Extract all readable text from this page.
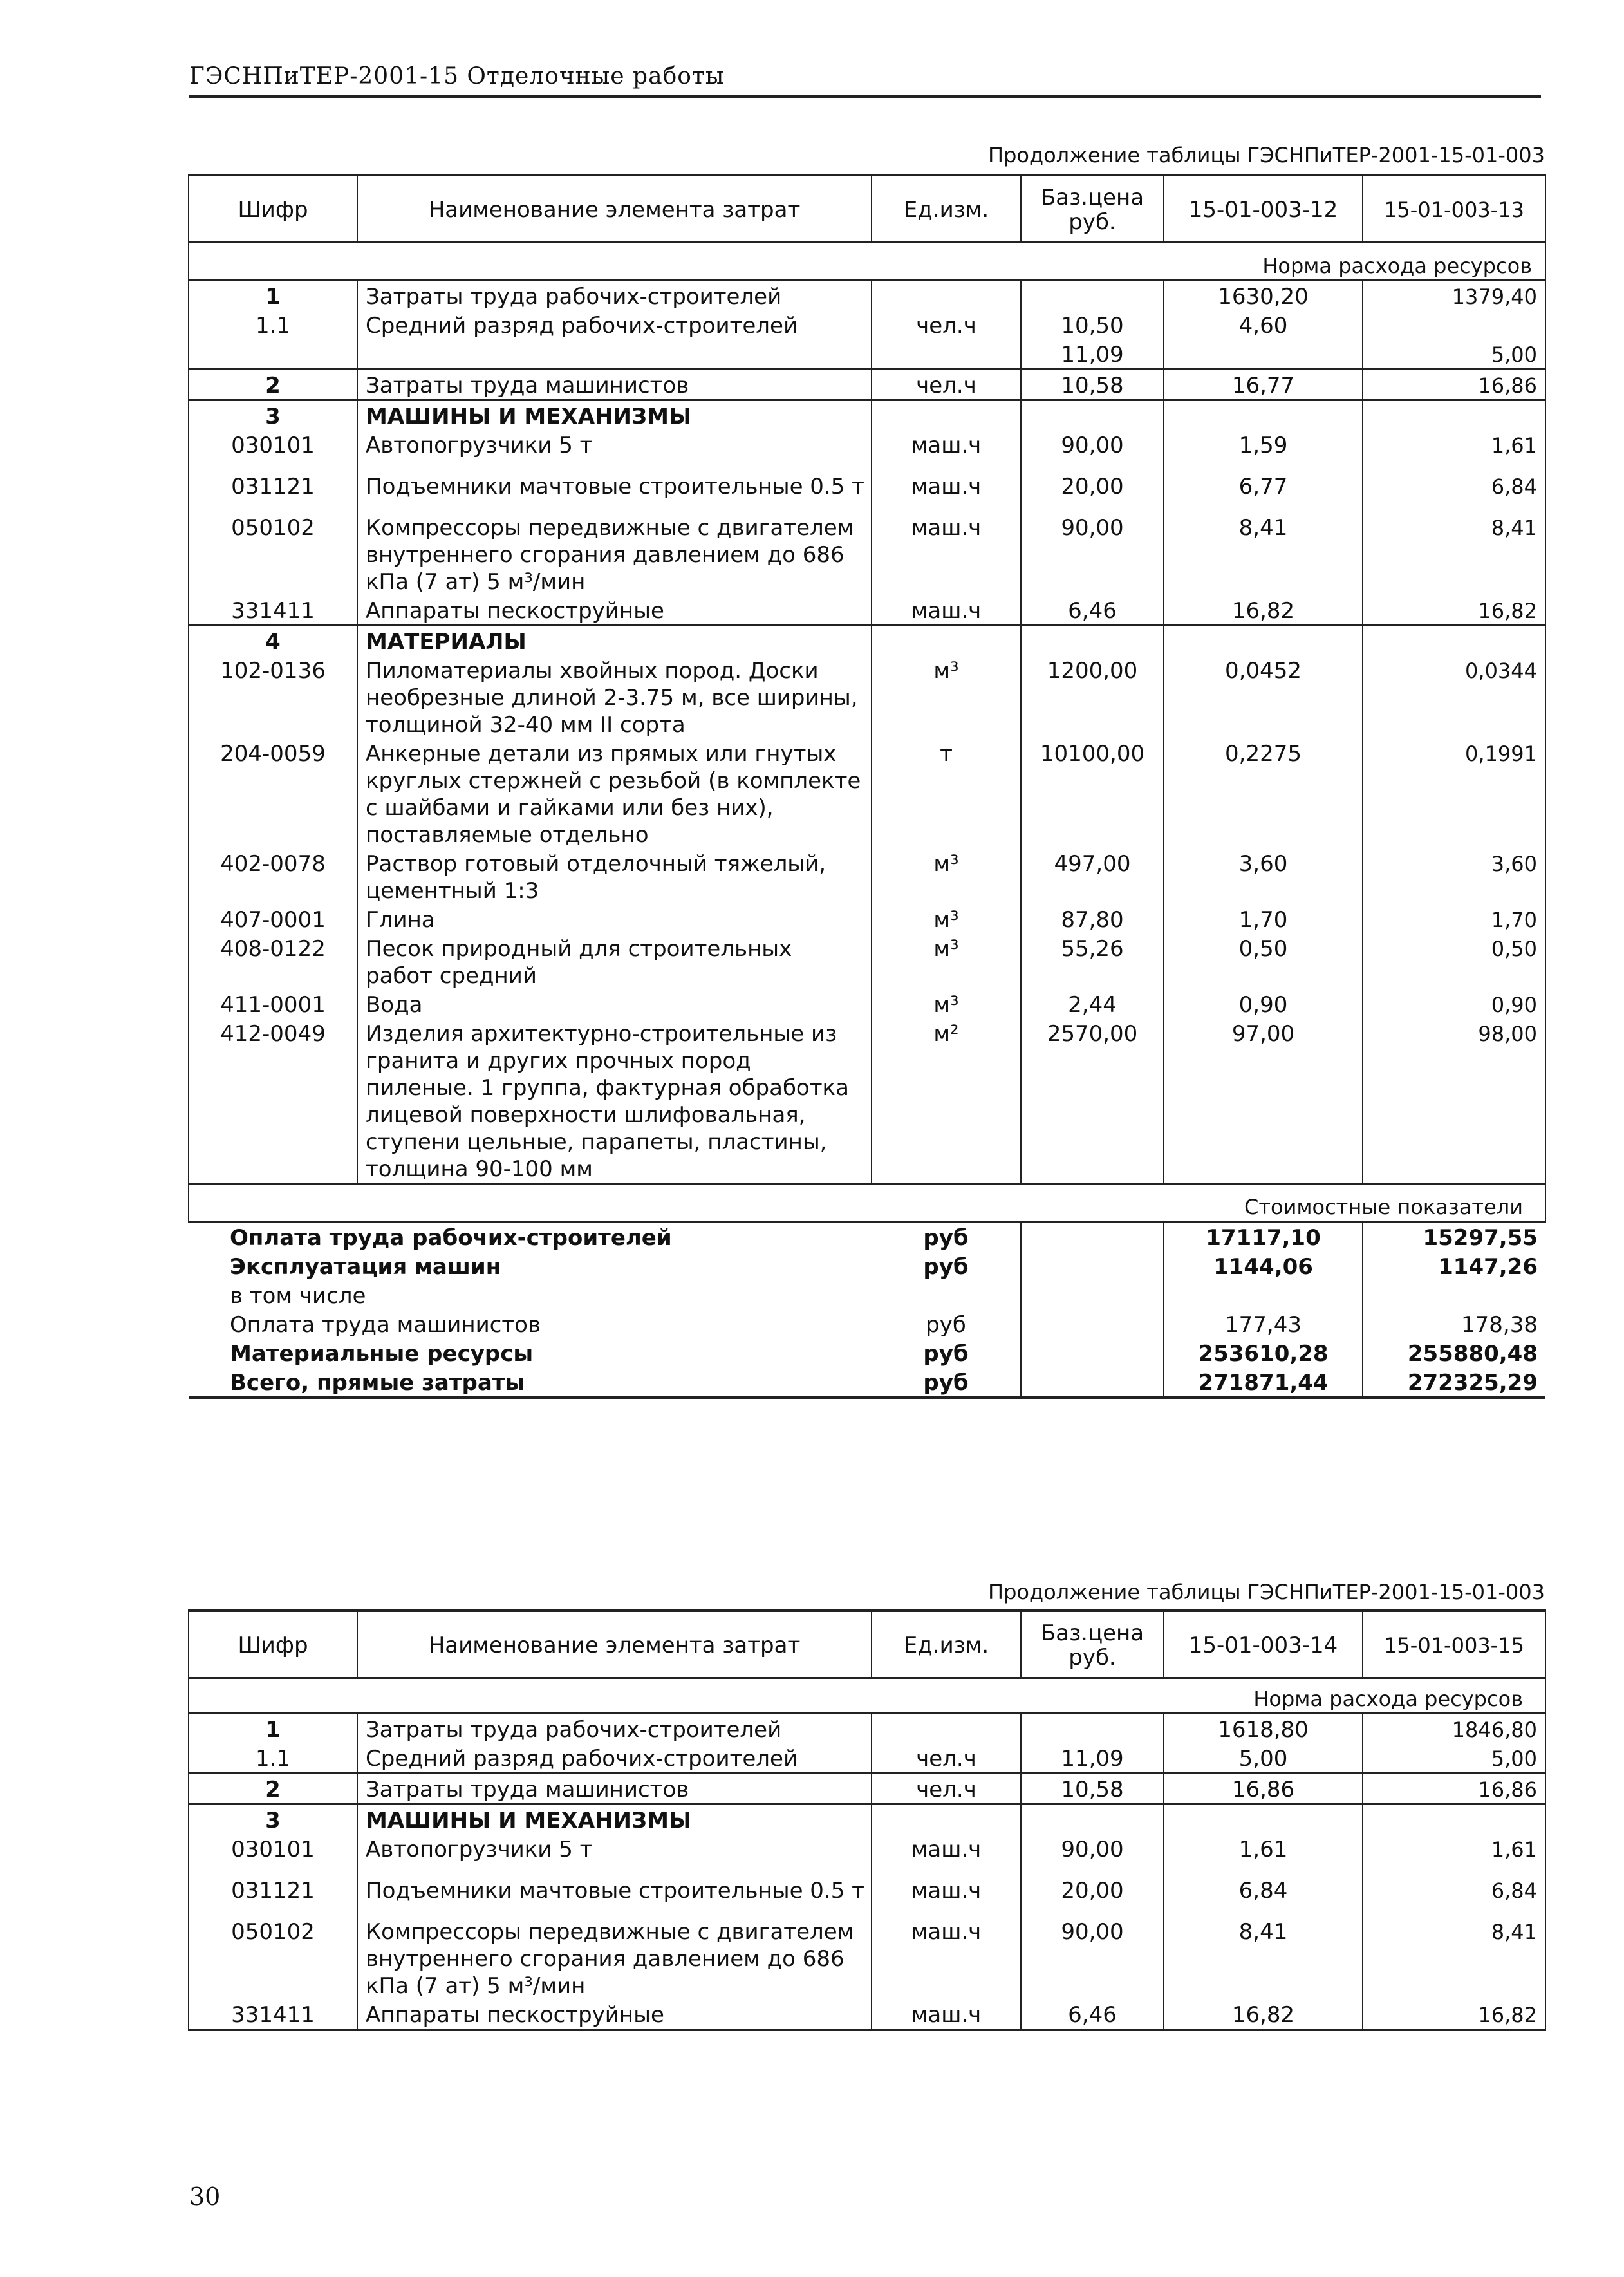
ГЭСНПиТЕР-2001-15 Отделочные работы
Продолжение таблицы ГЭСНПиТЕР-2001-15-01-003
Шифр	Наименование элемента затрат	Ед.изм.	Баз.цена руб.	15-01-003-12	15-01-003-13
Норма расхода ресурсов					
1	Затраты труда рабочих-строителей			1630,20	1379,40
1.1	Средний разряд рабочих-строителей	чел.ч	10,50	4,60	
			11,09		5,00
2	Затраты труда машинистов	чел.ч	10,58	16,77	16,86
3	МАШИНЫ И МЕХАНИЗМЫ				
030101	Автопогрузчики 5 т	маш.ч	90,00	1,59	1,61
031121	Подъемники мачтовые строительные 0.5 т	маш.ч	20,00	6,77	6,84
050102	Компрессоры передвижные с двигателем внутреннего сгорания давлением до 686 кПа (7 ат) 5 м³/мин	маш.ч	90,00	8,41	8,41
331411	Аппараты пескоструйные	маш.ч	6,46	16,82	16,82
4	МАТЕРИАЛЫ				
102-0136	Пиломатериалы хвойных пород. Доски необрезные длиной 2-3.75 м, все ширины, толщиной 32-40 мм II сорта	м³	1200,00	0,0452	0,0344
204-0059	Анкерные детали из прямых или гнутых круглых стержней с резьбой (в комплекте с шайбами и гайками или без них), поставляемые отдельно	т	10100,00	0,2275	0,1991
402-0078	Раствор готовый отделочный тяжелый, цементный 1:3	м³	497,00	3,60	3,60
407-0001	Глина	м³	87,80	1,70	1,70
408-0122	Песок природный для строительных работ средний	м³	55,26	0,50	0,50
411-0001	Вода	м³	2,44	0,90	0,90
412-0049	Изделия архитектурно-строительные из гранита и других прочных пород пиленые. 1 группа, фактурная обработка лицевой поверхности шлифовальная, ступени цельные, парапеты, пластины, толщина 90-100 мм	м²	2570,00	97,00	98,00
Стоимостные показатели					
Оплата труда рабочих-строителей		руб		17117,10	15297,55
Эксплуатация машин		руб		1144,06	1147,26
в том числе					
Оплата труда машинистов		руб		177,43	178,38
Материальные ресурсы		руб		253610,28	255880,48
Всего, прямые затраты		руб		271871,44	272325,29
Продолжение таблицы ГЭСНПиТЕР-2001-15-01-003
Шифр	Наименование элемента затрат	Ед.изм.	Баз.цена руб.	15-01-003-14	15-01-003-15
Норма расхода ресурсов					
1	Затраты труда рабочих-строителей			1618,80	1846,80
1.1	Средний разряд рабочих-строителей	чел.ч	11,09	5,00	5,00
2	Затраты труда машинистов	чел.ч	10,58	16,86	16,86
3	МАШИНЫ И МЕХАНИЗМЫ				
030101	Автопогрузчики 5 т	маш.ч	90,00	1,61	1,61
031121	Подъемники мачтовые строительные 0.5 т	маш.ч	20,00	6,84	6,84
050102	Компрессоры передвижные с двигателем внутреннего сгорания давлением до 686 кПа (7 ат) 5 м³/мин	маш.ч	90,00	8,41	8,41
331411	Аппараты пескоструйные	маш.ч	6,46	16,82	16,82
30
